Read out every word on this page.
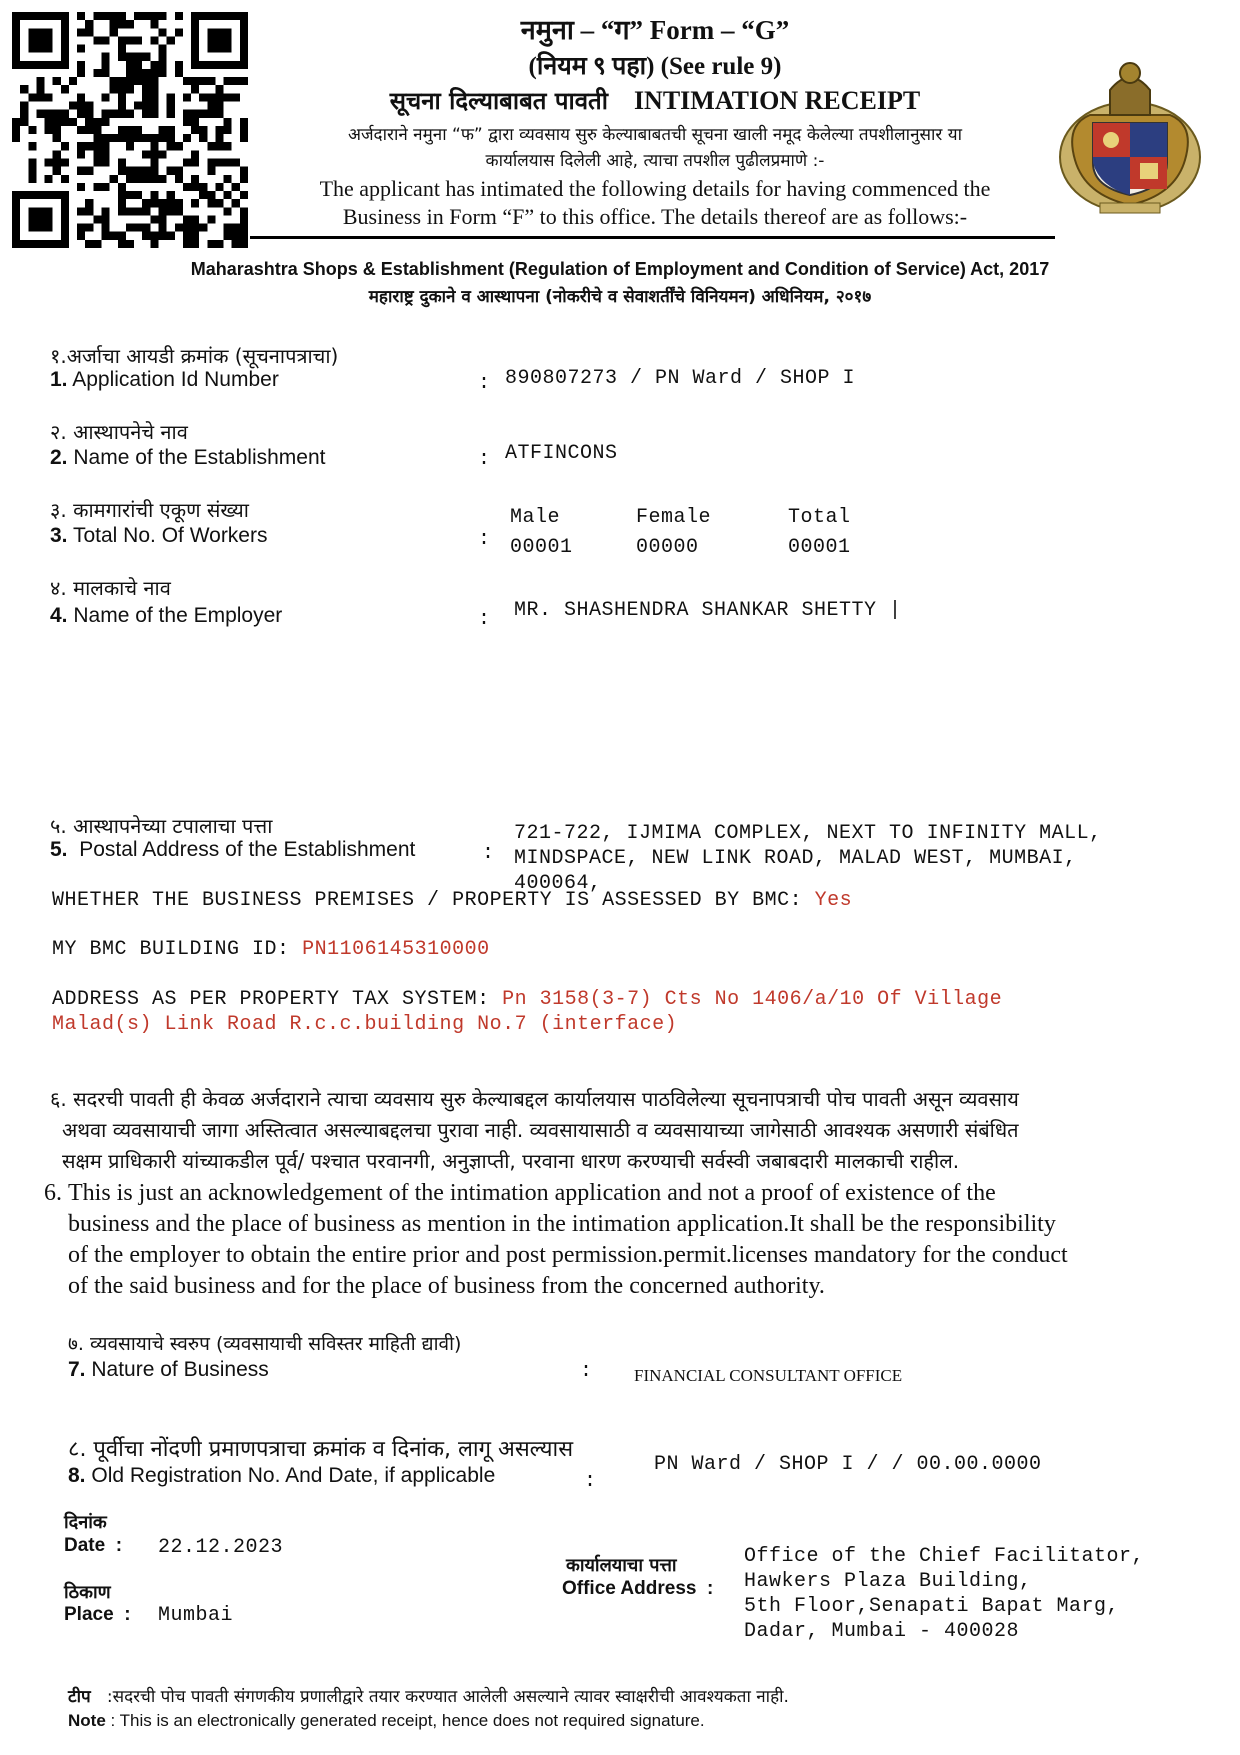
नमुना – “ग” Form – “G”
(नियम ९ पहा) (See rule 9)
सूचना दिल्याबाबत पावती INTIMATION RECEIPT
अर्जदाराने नमुना “फ” द्वारा व्यवसाय सुरु केल्याबाबतची सूचना खाली नमूद केलेल्या तपशीलानुसार या
कार्यालयास दिलेली आहे, त्याचा तपशील पुढीलप्रमाणे :-
The applicant has intimated the following details for having commenced the
Business in Form “F” to this office. The details thereof are as follows:-
Maharashtra Shops & Establishment (Regulation of Employment and Condition of Service) Act, 2017
महाराष्ट्र दुकाने व आस्थापना (नोकरीचे व सेवाशर्तींचे विनियमन) अधिनियम, २०१७
१.अर्जाचा आयडी क्रमांक (सूचनापत्राचा)
1. Application Id Number	: 890807273 / PN Ward / SHOP I
२. आस्थापनेचे नाव
2. Name of the Establishment	: ATFINCONS
३. कामगारांची एकूण संख्या
3. Total No. Of Workers	:
Male	Female	Total
00001	00000	00001
४. मालकाचे नाव
4. Name of the Employer	: MR. SHASHENDRA SHANKAR SHETTY |
५. आस्थापनेच्या टपालाचा पत्ता
5. Postal Address of the Establishment	:
721-722, IJMIMA COMPLEX, NEXT TO INFINITY MALL,
MINDSPACE, NEW LINK ROAD, MALAD WEST, MUMBAI,
400064,
WHETHER THE BUSINESS PREMISES / PROPERTY IS ASSESSED BY BMC: Yes
MY BMC BUILDING ID: PN1106145310000
ADDRESS AS PER PROPERTY TAX SYSTEM: Pn 3158(3-7) Cts No 1406/a/10 Of Village
Malad(s) Link Road R.c.c.building No.7 (interface)
६. सदरची पावती ही केवळ अर्जदाराने त्याचा व्यवसाय सुरु केल्याबद्दल कार्यालयास पाठविलेल्या सूचनापत्राची पोच पावती असून व्यवसाय
अथवा व्यवसायाची जागा अस्तित्वात असल्याबद्दलचा पुरावा नाही. व्यवसायासाठी व व्यवसायाच्या जागेसाठी आवश्यक असणारी संबंधित
सक्षम प्राधिकारी यांच्याकडील पूर्व/ पश्चात परवानगी, अनुज्ञाप्ती, परवाना धारण करण्याची सर्वस्वी जबाबदारी मालकाची राहील.
6. This is just an acknowledgement of the intimation application and not a proof of existence of the
business and the place of business as mention in the intimation application.It shall be the responsibility
of the employer to obtain the entire prior and post permission.permit.licenses mandatory for the conduct
of the said business and for the place of business from the concerned authority.
७. व्यवसायाचे स्वरुप (व्यवसायाची सविस्तर माहिती द्यावी)
7. Nature of Business	: FINANCIAL CONSULTANT OFFICE
८. पूर्वीचा नोंदणी प्रमाणपत्राचा क्रमांक व दिनांक, लागू असल्यास
8. Old Registration No. And Date, if applicable	:
PN Ward / SHOP I / / 00.00.0000
दिनांक
Date  : 22.12.2023
ठिकाण
Place  : Mumbai
कार्यालयाचा पत्ता
Office Address  :
Office of the Chief Facilitator,
Hawkers Plaza Building,
5th Floor,Senapati Bapat Marg,
Dadar, Mumbai - 400028
टीप :सदरची पोच पावती संगणकीय प्रणालीद्वारे तयार करण्यात आलेली असल्याने त्यावर स्वाक्षरीची आवश्यकता नाही.
Note : This is an electronically generated receipt, hence does not required signature.
